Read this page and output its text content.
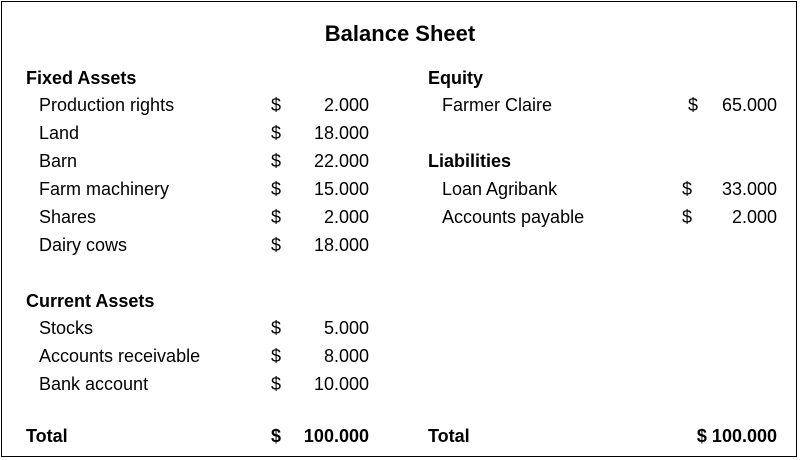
Balance Sheet
Fixed Assets
Production rights	$ 2.000
Land	$ 18.000
Barn	$ 22.000
Farm machinery	$ 15.000
Shares	$ 2.000
Dairy cows	$ 18.000
Current Assets
Stocks	$ 5.000
Accounts receivable	$ 8.000
Bank account	$ 10.000
Total	$ 100.000
Equity
Farmer Claire	$ 65.000
Liabilities
Loan Agribank	$ 33.000
Accounts payable	$ 2.000
Total	$ 100.000
